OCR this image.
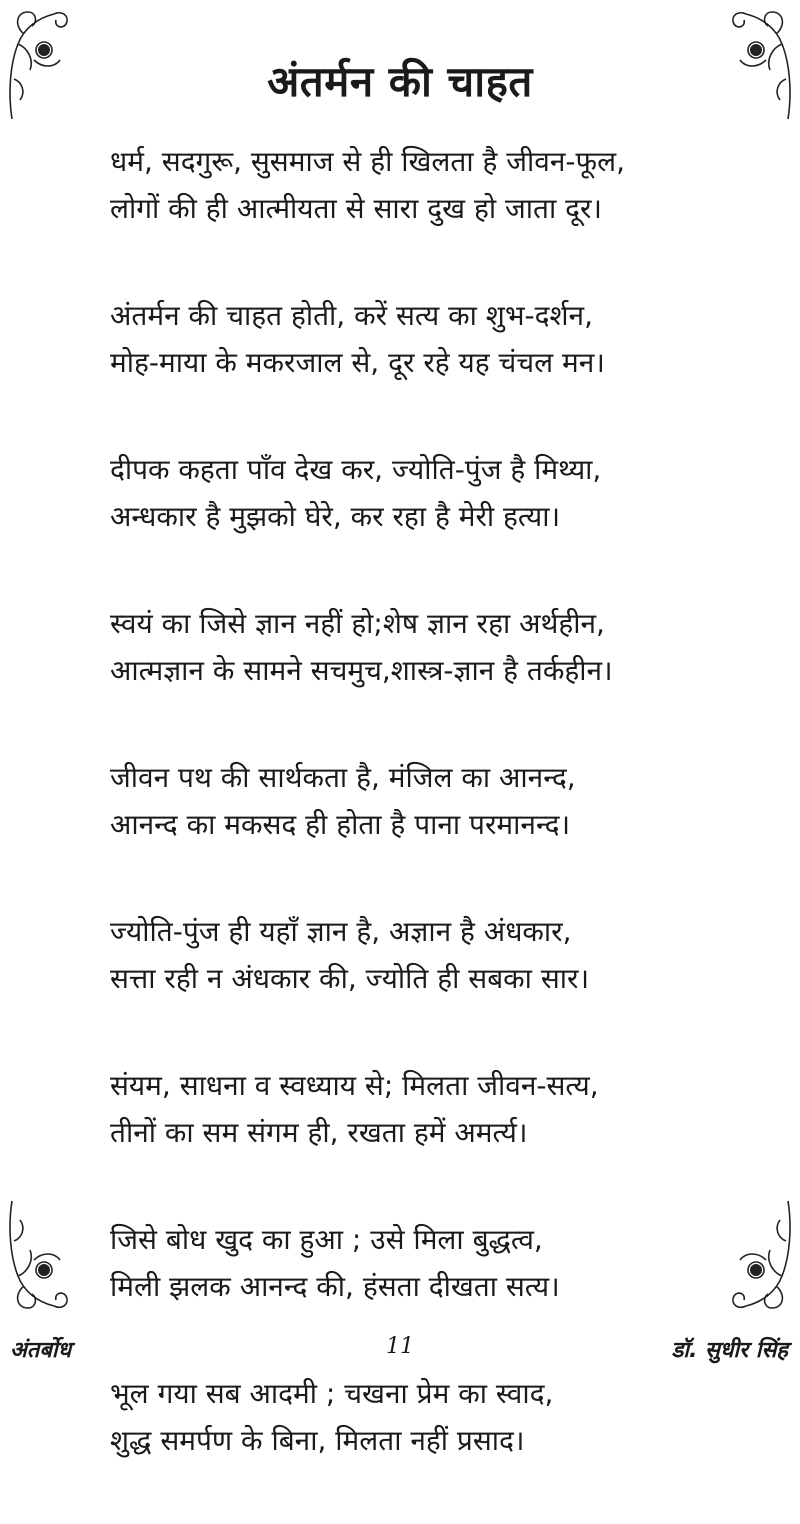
अंतर्मन की चाहत
धर्म, सदगुरू, सुसमाज से ही खिलता है जीवन-फूल,
लोगों की ही आत्मीयता से सारा दुख हो जाता दूर।
अंतर्मन की चाहत होती, करें सत्य का शुभ-दर्शन,
मोह-माया के मकरजाल से, दूर रहे यह चंचल मन।
दीपक कहता पाँव देख कर, ज्योति-पुंज है मिथ्या,
अन्धकार है मुझको घेरे, कर रहा है मेरी हत्या।
स्वयं का जिसे ज्ञान नहीं हो;शेष ज्ञान रहा अर्थहीन,
आत्मज्ञान के सामने सचमुच,शास्त्र-ज्ञान है तर्कहीन।
जीवन पथ की सार्थकता है, मंजिल का आनन्द,
आनन्द का मकसद ही होता है पाना परमानन्द।
ज्योति-पुंज ही यहाँ ज्ञान है, अज्ञान है अंधकार,
सत्ता रही न अंधकार की, ज्योति ही सबका सार।
संयम, साधना व स्वध्याय से; मिलता जीवन-सत्य,
तीनों का सम संगम ही, रखता हमें अमर्त्य।
जिसे बोध खुद का हुआ ; उसे मिला बुद्धत्व,
मिली झलक आनन्द की, हंसता दीखता सत्य।
भूल गया सब आदमी ; चखना प्रेम का स्वाद,
शुद्ध समर्पण के बिना, मिलता नहीं प्रसाद।
अंतर्बोध	11	डॉ. सुधीर सिंह
